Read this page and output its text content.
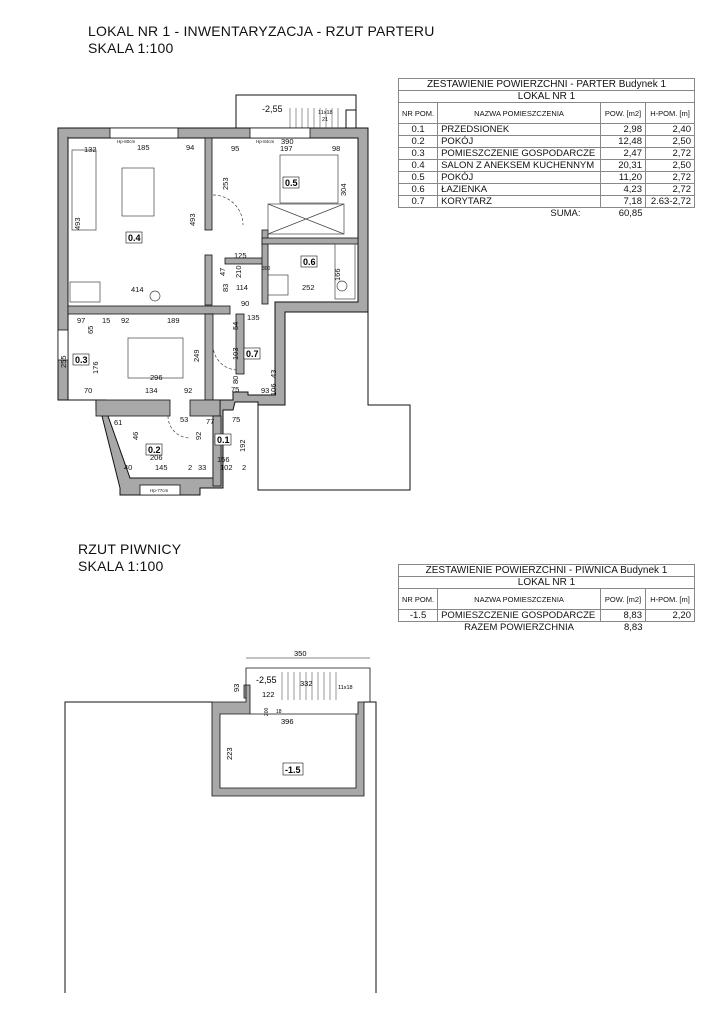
LOKAL NR 1 - INWENTARYZACJA - RZUT PARTERU
SKALA 1:100
ZESTAWIENIE POWIERZCHNI - PARTER Budynek 1			
LOKAL NR 1			
NR POM.	NAZWA POMIESZCZENIA	POW. [m2]	H-POM. [m]
0.1	PRZEDSIONEK	2,98	2,40
0.2	POKÓJ	12,48	2,50
0.3	POMIESZCZENIE GOSPODARCZE	2,47	2,72
0.4	SALON Z ANEKSEM KUCHENNYM	20,31	2,50
0.5	POKÓJ	11,20	2,72
0.6	ŁAZIENKA	4,23	2,72
0.7	KORYTARZ	7,18	2.63-2,72
	SUMA:	60,85	
RZUT PIWNICY
SKALA 1:100	ZESTAWIENIE POWIERZCHNI - PIWNICA Budynek 1			
LOKAL NR 1			
NR POM.	NAZWA POMIESZCZENIA	POW. [m2]	H-POM. [m]
-1.5	POMIESZCZENIE GOSPODARCZE	8,83	2,20
	RAZEM POWIERZCHNIA	8,83	
0.4
0.5
0.6
0.3
0.7
0.2
0.1
-2,55	11x18
21
Hp-80cm	Hp-84cm
Hp-77cm
132	185	94	95
390
197	98
493	493
253	304
125
47 210	300	166
414	83 114	252
90
97 15 92	189	135
65	54
103
255	176
249
296	80
43
70	134	92	75	93 106
61
46
53 77 75
92
192
206	156
40	145	2 33 102 2
-1.5
350
-2,55	332	11x18
93
122
396
223
200 18
